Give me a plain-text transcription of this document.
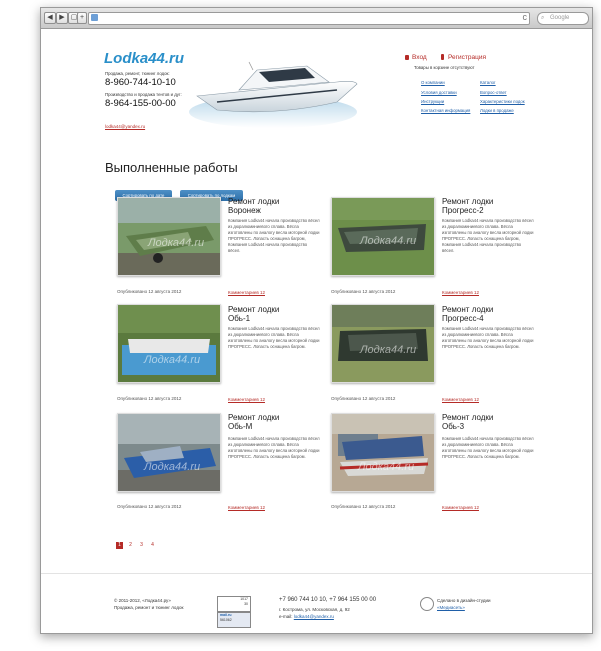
◀ ▶ ▢ +	c ⌕ Google
Lodka44.ru
Продажа, ремонт, тюнинг лодок:
8-960-744-10-10
Производство и продажа тентов и дуг:
8-964-155-00-00
lodka44@yandex.ru
Вход	Регистрация
Товары в корзине отсутствуют
О компании
Условия доставки
Инструкции
Контактная информация
Каталог
Вопрос-ответ
Характеристики лодок
Лодки в продаже
Выполненные работы
Сортировать по дате	Сортировать по лодкам
Лодка44.ru
Ремонт лодки
Воронеж
Компания Lodka44 начала производство вёсел из дюралюминиевого сплава. Вёсла изготовлены по аналогу весла моторной лодки ПРОГРЕСС. Лопасть оснащена багром, Компания Lodka44 начала производство вёсел.
Опубликовано 12 августа 2012	Комментариев 12
Лодка44.ru
Ремонт лодки
Прогресс-2
Компания Lodka44 начала производство вёсел из дюралюминиевого сплава. Вёсла изготовлены по аналогу весла моторной лодки ПРОГРЕСС. Лопасть оснащена багром, Компания Lodka44 начала производство вёсел.
Опубликовано 12 августа 2012	Комментариев 12
Лодка44.ru
Ремонт лодки
Обь-1
Компания Lodka44 начала производство вёсел из дюралюминиевого сплава. Вёсла изготовлены по аналогу весла моторной лодки ПРОГРЕСС. Лопасть оснащена багром.
Опубликовано 12 августа 2012	Комментариев 12
Лодка44.ru
Ремонт лодки
Прогресс-4
Компания Lodka44 начала производство вёсел из дюралюминиевого сплава. Вёсла изготовлены по аналогу весла моторной лодки ПРОГРЕСС. Лопасть оснащена багром.
Опубликовано 12 августа 2012	Комментариев 12
Лодка44.ru
Ремонт лодки
Обь-М
Компания Lodka44 начала производство вёсел из дюралюминиевого сплава. Вёсла изготовлены по аналогу весла моторной лодки ПРОГРЕСС. Лопасть оснащена багром.
Опубликовано 12 августа 2012	Комментариев 12
Лодка44.ru
Ремонт лодки
Обь-3
Компания Lodka44 начала производство вёсел из дюралюминиевого сплава. Вёсла изготовлены по аналогу весла моторной лодки ПРОГРЕСС. Лопасть оснащена багром.
Опубликовано 12 августа 2012	Комментариев 12
1	2	3	4
© 2011-2012, «Лодка44.ру»
Продажа, ремонт и тюнинг лодок
1017
30
mail.ru
561062
+7 960 744 10 10, +7 964 155 00 00
г. Кострома, ул. Московская, д. 92
e-mail: lodka44@yandex.ru
Сделано в дизайн-студии
«Медиасеть»
